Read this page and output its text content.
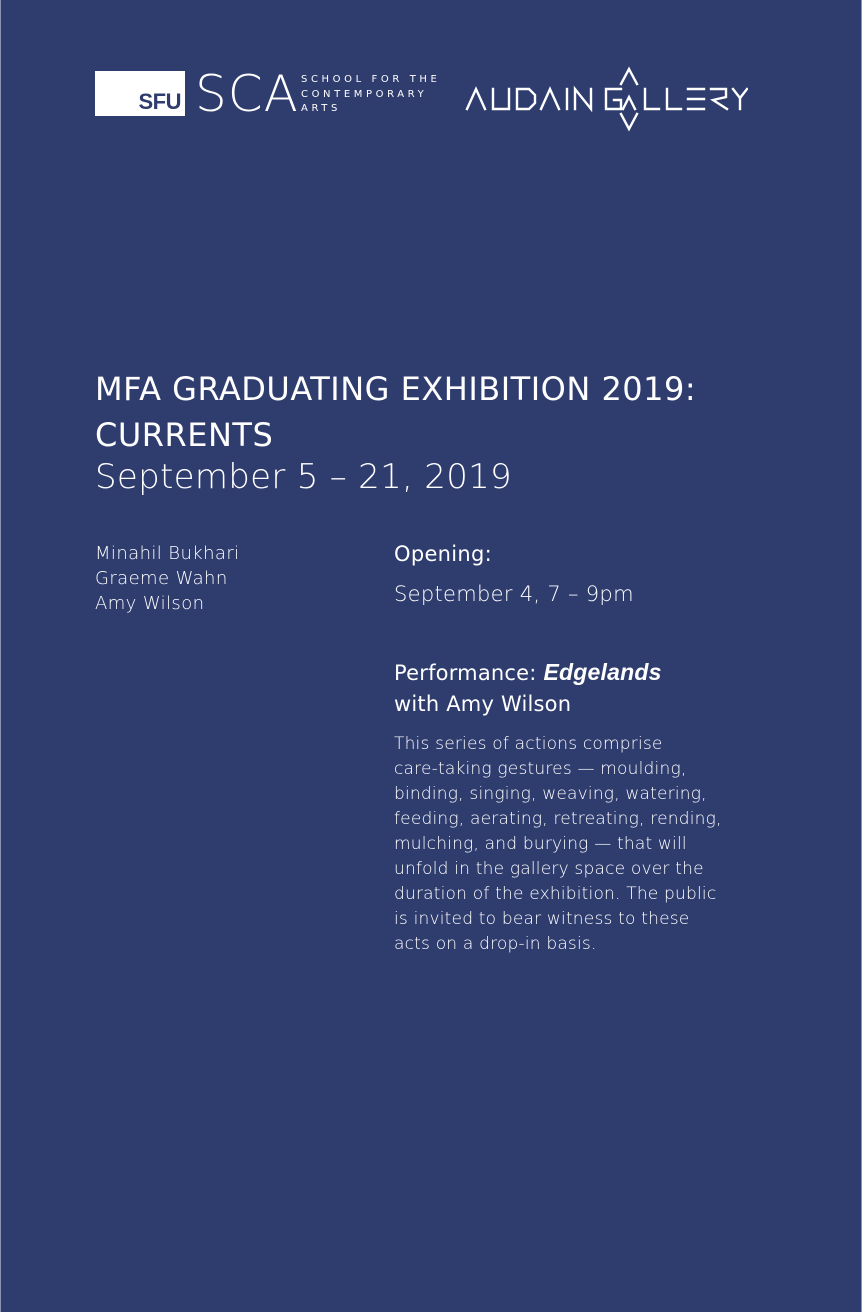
SFU SCA SCHOOL FOR THE
CONTEMPORARY
ARTS
MFA GRADUATING EXHIBITION 2019: CURRENTS
September 5 – 21, 2019
Minahil Bukhari
Graeme Wahn
Amy Wilson
Opening:
September 4, 7 – 9pm
Performance: Edgelands
with Amy Wilson
This series of actions comprise
care-taking gestures — moulding,
binding, singing, weaving, watering,
feeding, aerating, retreating, rending,
mulching, and burying — that will
unfold in the gallery space over the
duration of the exhibition. The public
is invited to bear witness to these
acts on a drop-in basis.
